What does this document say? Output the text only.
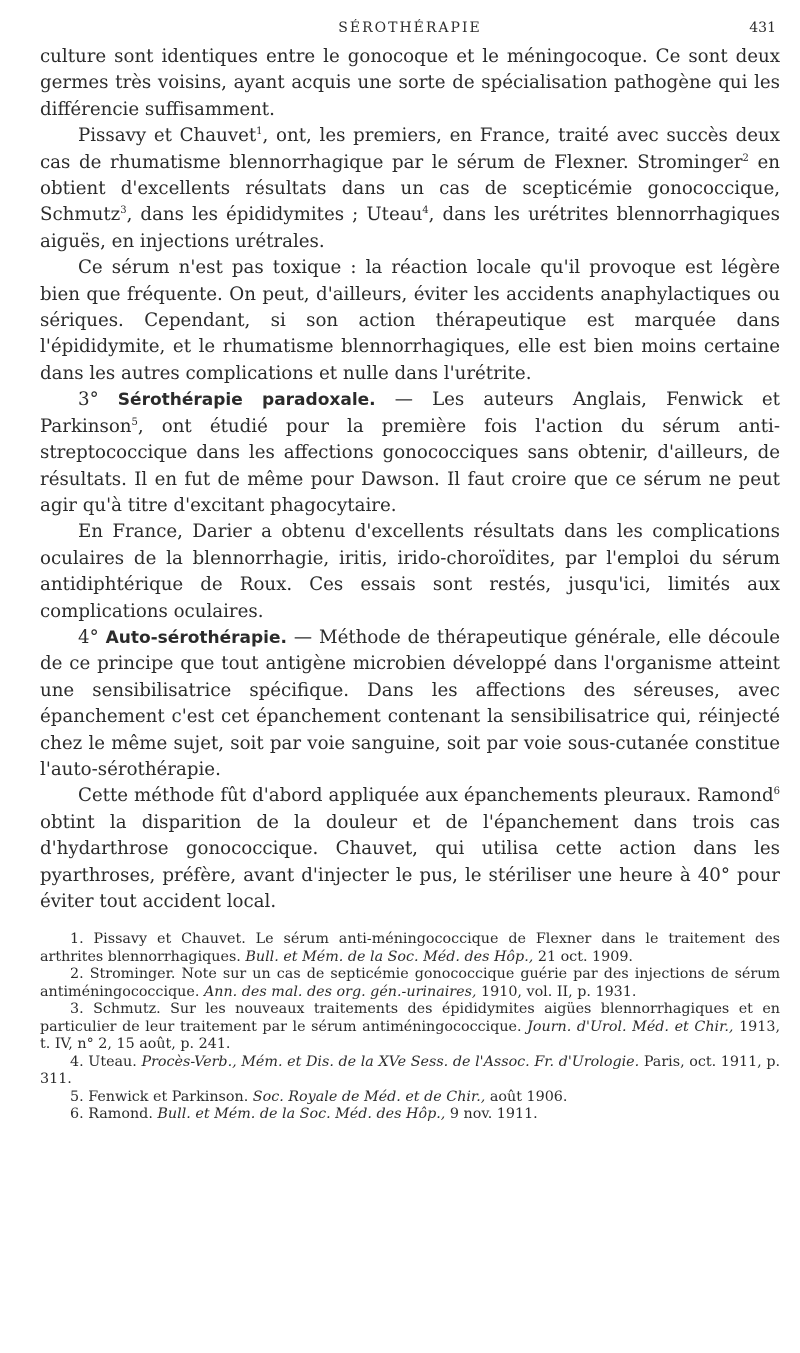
SÉROTHÉRAPIE	431

culture sont identiques entre le gonocoque et le méningocoque. Ce sont deux germes très voisins, ayant acquis une sorte de spécialisation pathogène qui les différencie suffisamment.

Pissavy et Chauvet$^1$, ont, les premiers, en France, traité avec succès deux cas de rhumatisme blennorrhagique par le sérum de Flexner. Strominger$^2$ en obtient d'excellents résultats dans un cas de scepticémie gonococcique, Schmutz$^3$, dans les épididymites ; Uteau$^4$, dans les urétrites blennorrhagiques aiguës, en injections urétrales.

Ce sérum n'est pas toxique : la réaction locale qu'il provoque est légère bien que fréquente. On peut, d'ailleurs, éviter les accidents anaphylactiques ou sériques. Cependant, si son action thérapeutique est marquée dans l'épididymite, et le rhumatisme blennorrhagiques, elle est bien moins certaine dans les autres complications et nulle dans l'urétrite.

3° Sérothérapie paradoxale. — Les auteurs Anglais, Fenwick et Parkinson$^5$, ont étudié pour la première fois l'action du sérum anti-streptococcique dans les affections gonococciques sans obtenir, d'ailleurs, de résultats. Il en fut de même pour Dawson. Il faut croire que ce sérum ne peut agir qu'à titre d'excitant phagocytaire.

En France, Darier a obtenu d'excellents résultats dans les complications oculaires de la blennorrhagie, iritis, irido-choroïdites, par l'emploi du sérum antidiphtérique de Roux. Ces essais sont restés, jusqu'ici, limités aux complications oculaires.

4° Auto-sérothérapie. — Méthode de thérapeutique générale, elle découle de ce principe que tout antigène microbien développé dans l'organisme atteint une sensibilisatrice spécifique. Dans les affections des séreuses, avec épanchement c'est cet épanchement contenant la sensibilisatrice qui, réinjecté chez le même sujet, soit par voie sanguine, soit par voie sous-cutanée constitue l'auto-sérothérapie.

Cette méthode fût d'abord appliquée aux épanchements pleuraux. Ramond$^6$ obtint la disparition de la douleur et de l'épanchement dans trois cas d'hydarthrose gonococcique. Chauvet, qui utilisa cette action dans les pyarthroses, préfère, avant d'injecter le pus, le stériliser une heure à 40° pour éviter tout accident local.

1. Pissavy et Chauvet. Le sérum anti-méningococcique de Flexner dans le traitement des arthrites blennorrhagiques. Bull. et Mém. de la Soc. Méd. des Hôp., 21 oct. 1909.

2. Strominger. Note sur un cas de septicémie gonococcique guérie par des injections de sérum antiméningococcique. Ann. des mal. des org. gén.-urinaires, 1910, vol. II, p. 1931.

3. Schmutz. Sur les nouveaux traitements des épididymites aigües blennorrhagiques et en particulier de leur traitement par le sérum antiméningococcique. Journ. d'Urol. Méd. et Chir., 1913, t. IV, n° 2, 15 août, p. 241.

4. Uteau. Procès-Verb., Mém. et Dis. de la XVe Sess. de l'Assoc. Fr. d'Urologie. Paris, oct. 1911, p. 311.

5. Fenwick et Parkinson. Soc. Royale de Méd. et de Chir., août 1906.

6. Ramond. Bull. et Mém. de la Soc. Méd. des Hôp., 9 nov. 1911.
